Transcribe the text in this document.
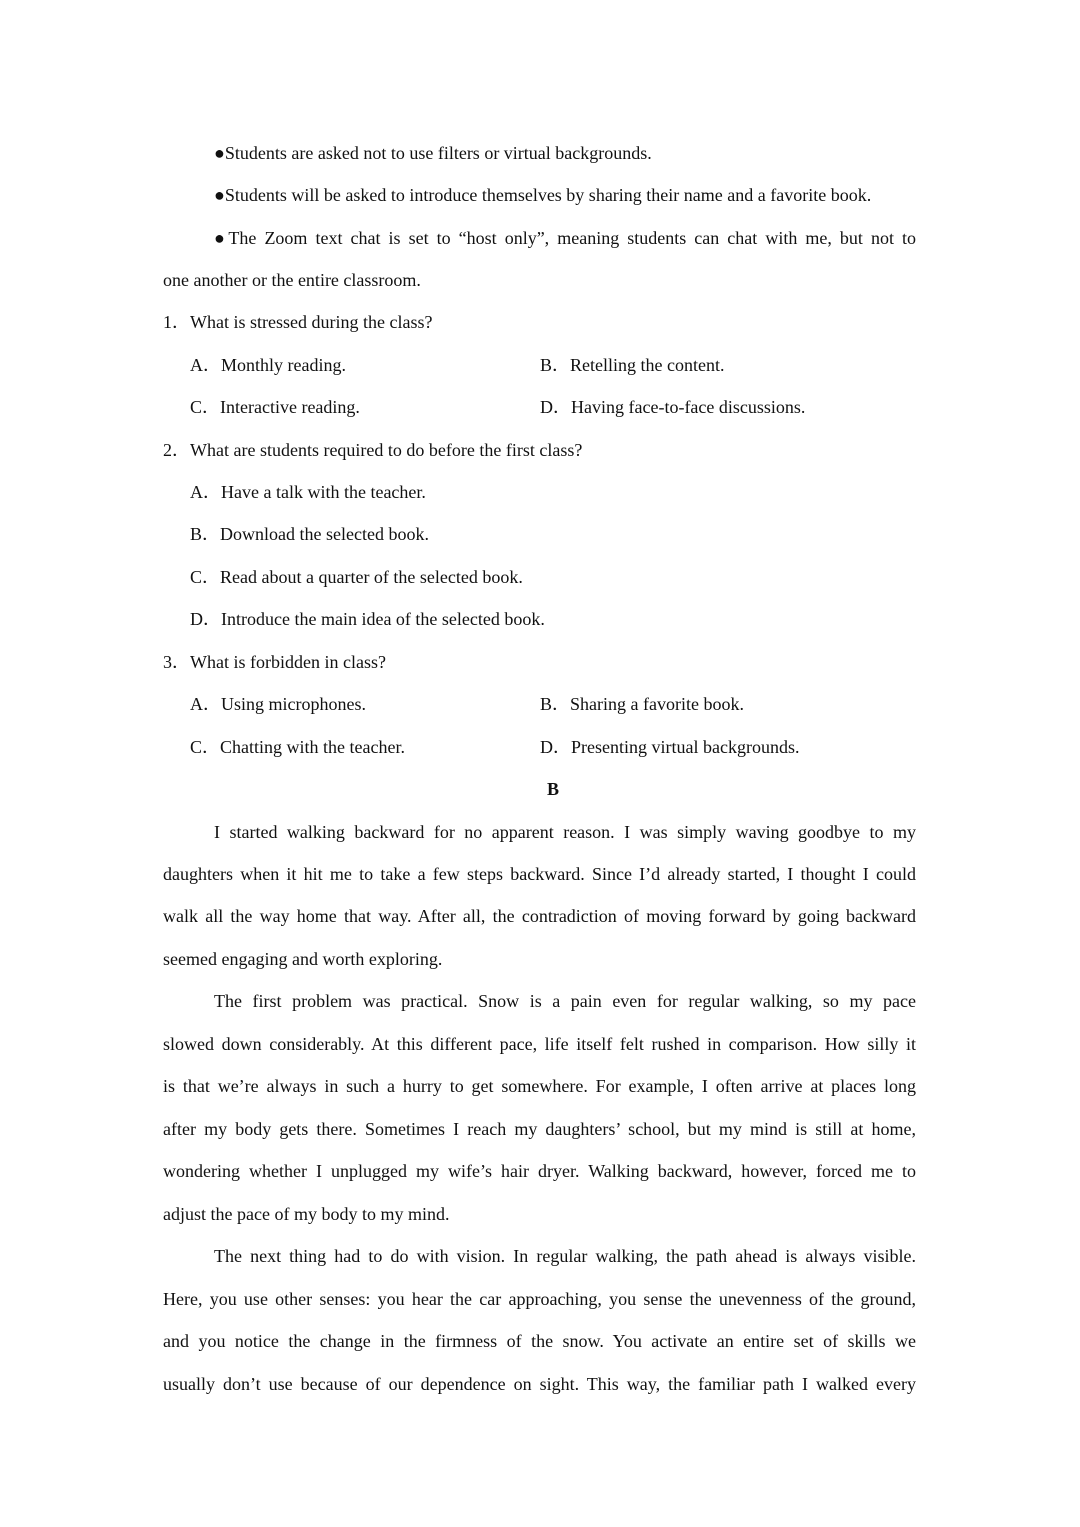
●Students are asked not to use filters or virtual backgrounds.
●Students will be asked to introduce themselves by sharing their name and a favorite book.
●The Zoom text chat is set to “host only”, meaning students can chat with me, but not to
one another or the entire classroom.
1．What is stressed during the class?
A．Monthly reading.	B．Retelling the content.
C．Interactive reading.	D．Having face-to-face discussions.
2．What are students required to do before the first class?
A．Have a talk with the teacher.
B．Download the selected book.
C．Read about a quarter of the selected book.
D．Introduce the main idea of the selected book.
3．What is forbidden in class?
A．Using microphones.	B．Sharing a favorite book.
C．Chatting with the teacher.	D．Presenting virtual backgrounds.
B
I started walking backward for no apparent reason. I was simply waving goodbye to my
daughters when it hit me to take a few steps backward. Since I’d already started, I thought I could
walk all the way home that way. After all, the contradiction of moving forward by going backward
seemed engaging and worth exploring.
The first problem was practical. Snow is a pain even for regular walking, so my pace
slowed down considerably. At this different pace, life itself felt rushed in comparison. How silly it
is that we’re always in such a hurry to get somewhere. For example, I often arrive at places long
after my body gets there. Sometimes I reach my daughters’ school, but my mind is still at home,
wondering whether I unplugged my wife’s hair dryer. Walking backward, however, forced me to
adjust the pace of my body to my mind.
The next thing had to do with vision. In regular walking, the path ahead is always visible.
Here, you use other senses: you hear the car approaching, you sense the unevenness of the ground,
and you notice the change in the firmness of the snow. You activate an entire set of skills we
usually don’t use because of our dependence on sight. This way, the familiar path I walked every
